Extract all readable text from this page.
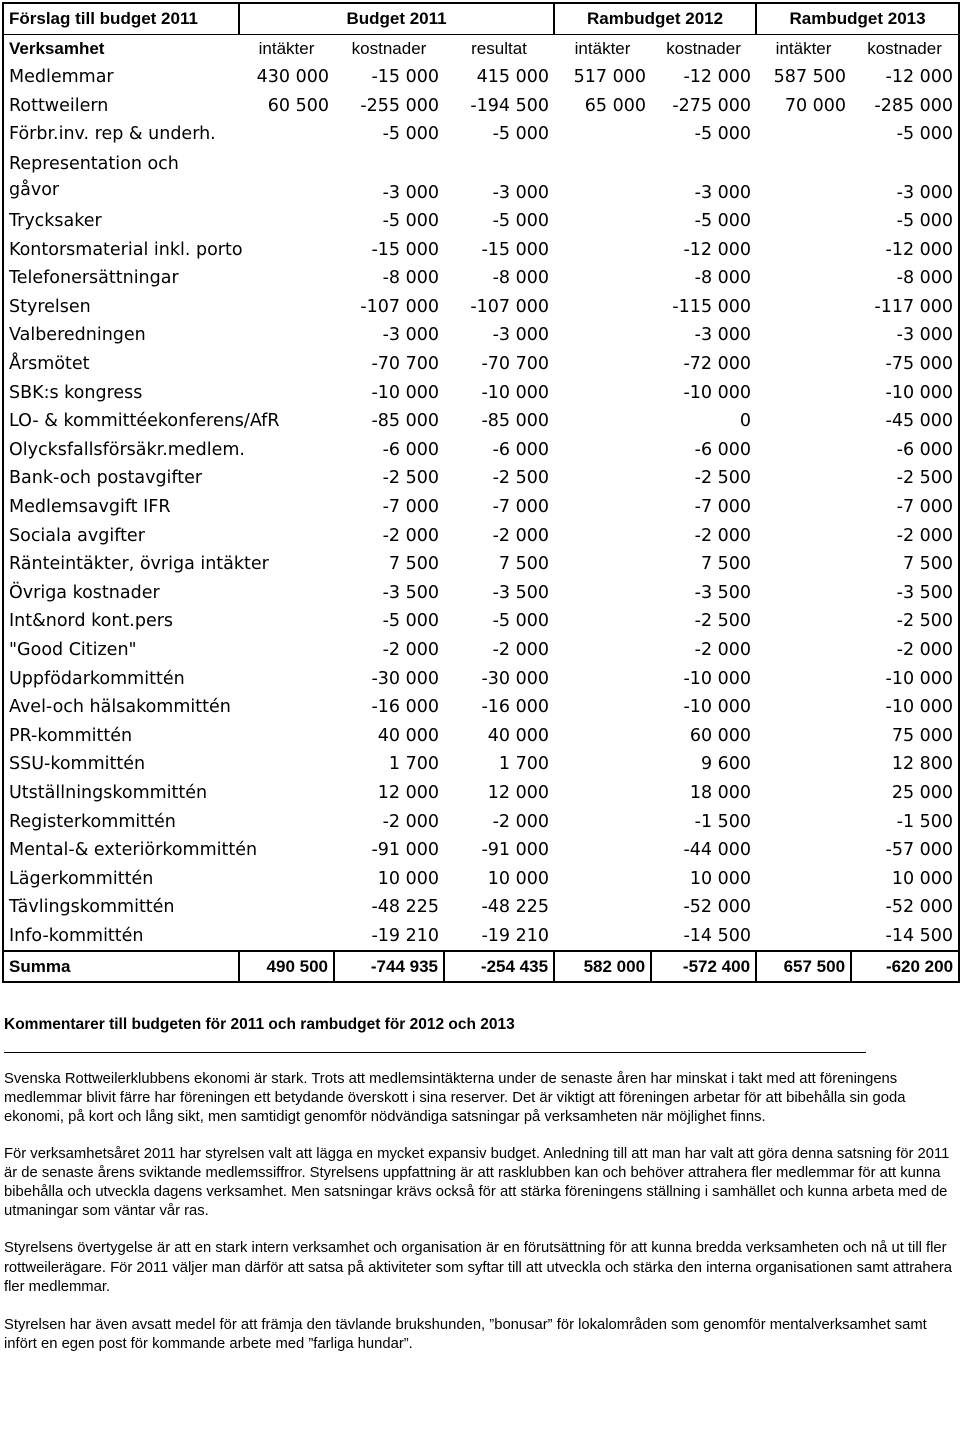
Förslag till budget 2011	Budget 2011			Rambudget 2012		Rambudget 2013	
Verksamhet	intäkter	kostnader	resultat	intäkter	kostnader	intäkter	kostnader
Medlemmar	430 000	-15 000	415 000	517 000	-12 000	587 500	-12 000
Rottweilern	60 500	-255 000	-194 500	65 000	-275 000	70 000	-285 000
Förbr.inv. rep & underh.		-5 000	-5 000		-5 000		-5 000
Representation och gåvor		-3 000	-3 000		-3 000		-3 000
Trycksaker		-5 000	-5 000		-5 000		-5 000
Kontorsmaterial inkl. porto		-15 000	-15 000		-12 000		-12 000
Telefonersättningar		-8 000	-8 000		-8 000		-8 000
Styrelsen		-107 000	-107 000		-115 000		-117 000
Valberedningen		-3 000	-3 000		-3 000		-3 000
Årsmötet		-70 700	-70 700		-72 000		-75 000
SBK:s kongress		-10 000	-10 000		-10 000		-10 000
LO- & kommittéekonferens/AfR		-85 000	-85 000		0		-45 000
Olycksfallsförsäkr.medlem.		-6 000	-6 000		-6 000		-6 000
Bank-och postavgifter		-2 500	-2 500		-2 500		-2 500
Medlemsavgift IFR		-7 000	-7 000		-7 000		-7 000
Sociala avgifter		-2 000	-2 000		-2 000		-2 000
Ränteintäkter, övriga intäkter		7 500	7 500		7 500		7 500
Övriga kostnader		-3 500	-3 500		-3 500		-3 500
Int&nord kont.pers		-5 000	-5 000		-2 500		-2 500
"Good Citizen"		-2 000	-2 000		-2 000		-2 000
Uppfödarkommittén		-30 000	-30 000		-10 000		-10 000
Avel-och hälsakommittén		-16 000	-16 000		-10 000		-10 000
PR-kommittén		40 000	40 000		60 000		75 000
SSU-kommittén		1 700	1 700		9 600		12 800
Utställningskommittén		12 000	12 000		18 000		25 000
Registerkommittén		-2 000	-2 000		-1 500		-1 500
Mental-& exteriörkommittén		-91 000	-91 000		-44 000		-57 000
Lägerkommittén		10 000	10 000		10 000		10 000
Tävlingskommittén		-48 225	-48 225		-52 000		-52 000
Info-kommittén		-19 210	-19 210		-14 500		-14 500
Summa	490 500	-744 935	-254 435	582 000	-572 400	657 500	-620 200

Kommentarer till budgeten för 2011 och rambudget för 2012 och 2013

Svenska Rottweilerklubbens ekonomi är stark. Trots att medlemsintäkterna under de senaste åren har minskat i takt med att föreningens medlemmar blivit färre har föreningen ett betydande överskott i sina reserver. Det är viktigt att föreningen arbetar för att bibehålla sin goda ekonomi, på kort och lång sikt, men samtidigt genomför nödvändiga satsningar på verksamheten när möjlighet finns.

För verksamhetsåret 2011 har styrelsen valt att lägga en mycket expansiv budget. Anledning till att man har valt att göra denna satsning för 2011 är de senaste årens sviktande medlemssiffror. Styrelsens uppfattning är att rasklubben kan och behöver attrahera fler medlemmar för att kunna bibehålla och utveckla dagens verksamhet. Men satsningar krävs också för att stärka föreningens ställning i samhället och kunna arbeta med de utmaningar som väntar vår ras.

Styrelsens övertygelse är att en stark intern verksamhet och organisation är en förutsättning för att kunna bredda verksamheten och nå ut till fler rottweilerägare. För 2011 väljer man därför att satsa på aktiviteter som syftar till att utveckla och stärka den interna organisationen samt attrahera fler medlemmar.

Styrelsen har även avsatt medel för att främja den tävlande brukshunden, ”bonusar” för lokalområden som genomför mentalverksamhet samt infört en egen post för kommande arbete med ”farliga hundar”.
